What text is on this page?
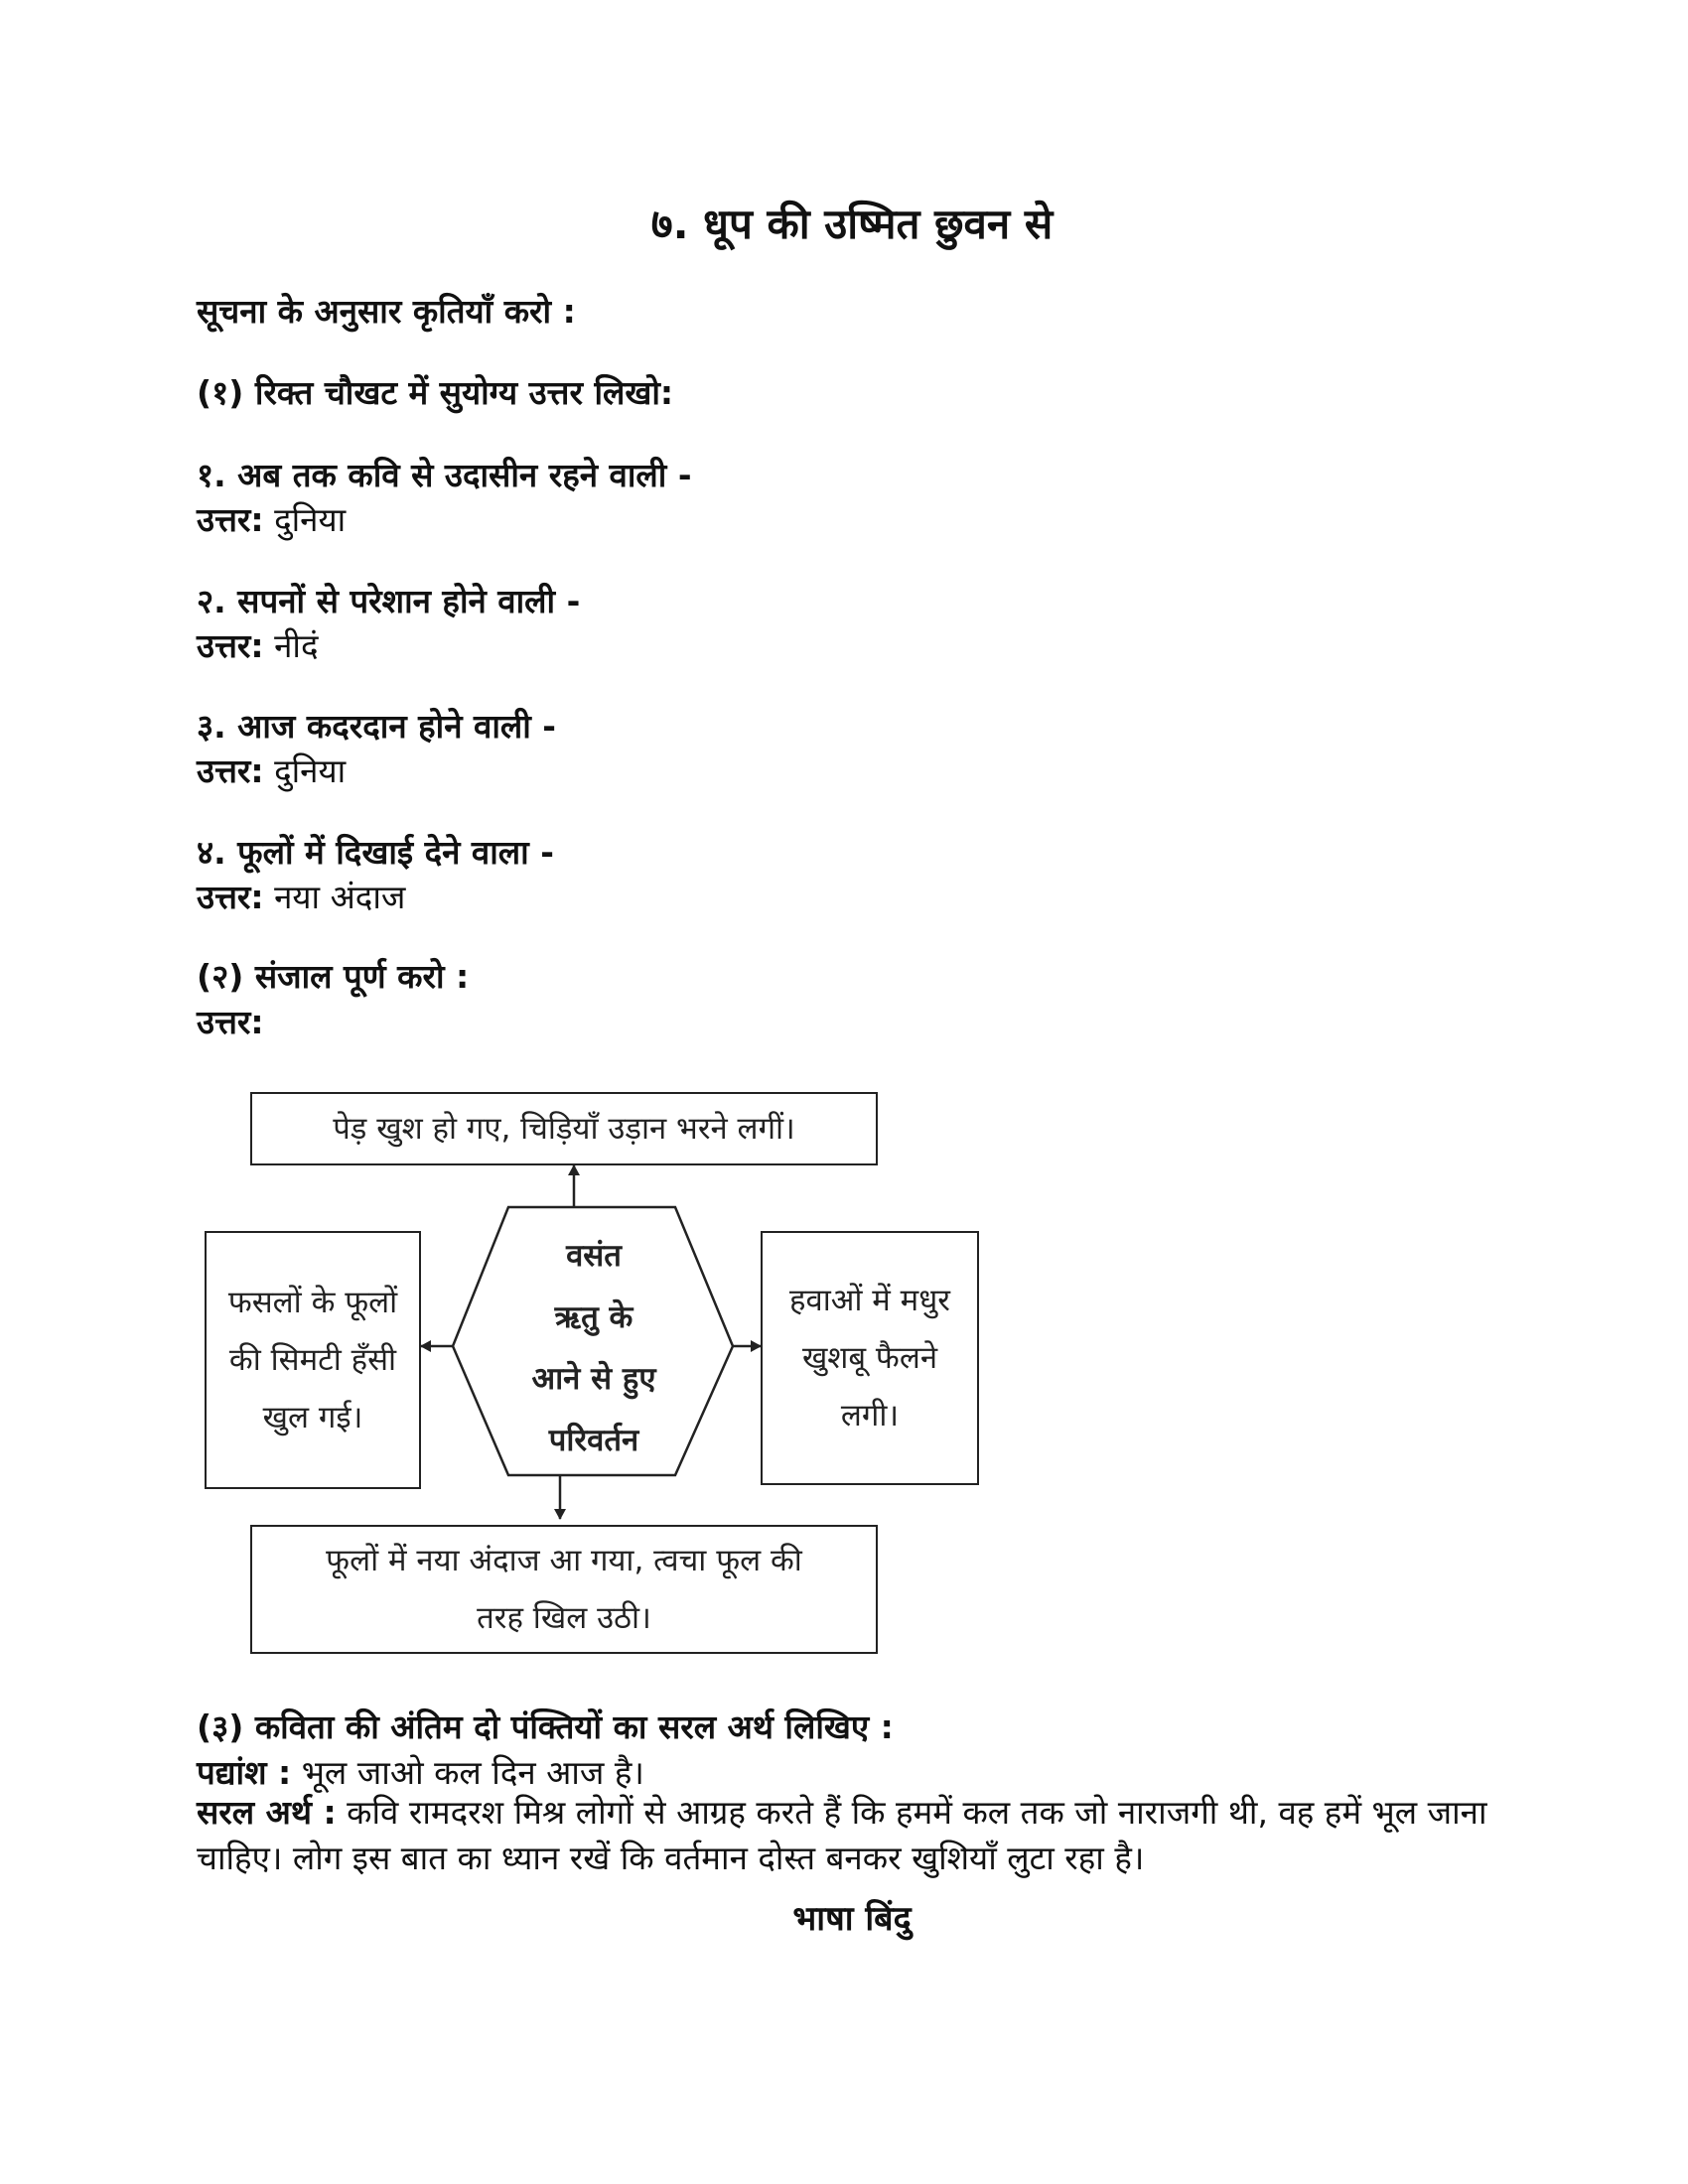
७. धूप की उष्मित छुवन से
सूचना के अनुसार कृतियाँ करो :
(१) रिक्त चौखट में सुयोग्य उत्तर लिखो:
१. अब तक कवि से उदासीन रहने वाली -
उत्तर: दुनिया
२. सपनों से परेशान होने वाली -
उत्तर: नीदं
३. आज कदरदान होने वाली -
उत्तर: दुनिया
४. फूलों में दिखाई देने वाला -
उत्तर: नया अंदाज
(२) संजाल पूर्ण करो :
उत्तर:
वसंत
ऋतु के
आने से हुए
परिवर्तन
पेड़ खुश हो गए, चिड़ियाँ उड़ान भरने लगीं।
फसलों के फूलों
की सिमटी हँसी
खुल गई।
हवाओं में मधुर
खुशबू फैलने
लगी।
फूलों में नया अंदाज आ गया, त्वचा फूल की
तरह खिल उठी।
(३) कविता की अंतिम दो पंक्तियों का सरल अर्थ लिखिए :
पद्यांश : भूल जाओ कल दिन आज है।
सरल अर्थ : कवि रामदरश मिश्र लोगों से आग्रह करते हैं कि हममें कल तक जो नाराजगी थी, वह हमें भूल जाना चाहिए। लोग इस बात का ध्यान रखें कि वर्तमान दोस्त बनकर खुशियाँ लुटा रहा है।
भाषा बिंदु
